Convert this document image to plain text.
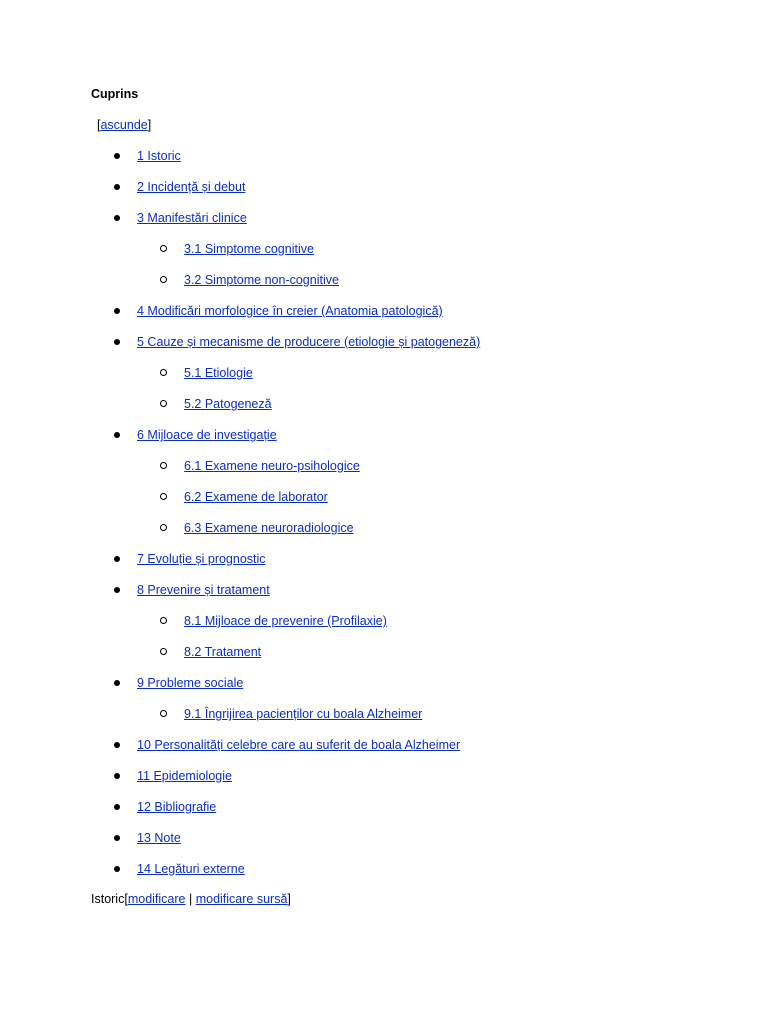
Cuprins
[ascunde]
1 Istoric
2 Incidență și debut
3 Manifestări clinice
3.1 Simptome cognitive
3.2 Simptome non-cognitive
4 Modificări morfologice în creier (Anatomia patologică)
5 Cauze și mecanisme de producere (etiologie și patogeneză)
5.1 Etiologie
5.2 Patogeneză
6 Mijloace de investigație
6.1 Examene neuro-psihologice
6.2 Examene de laborator
6.3 Examene neuroradiologice
7 Evoluție și prognostic
8 Prevenire și tratament
8.1 Mijloace de prevenire (Profilaxie)
8.2 Tratament
9 Probleme sociale
9.1 Îngrijirea pacienților cu boala Alzheimer
10 Personalități celebre care au suferit de boala Alzheimer
11 Epidemiologie
12 Bibliografie
13 Note
14 Legături externe
Istoric[modificare | modificare sursă]
